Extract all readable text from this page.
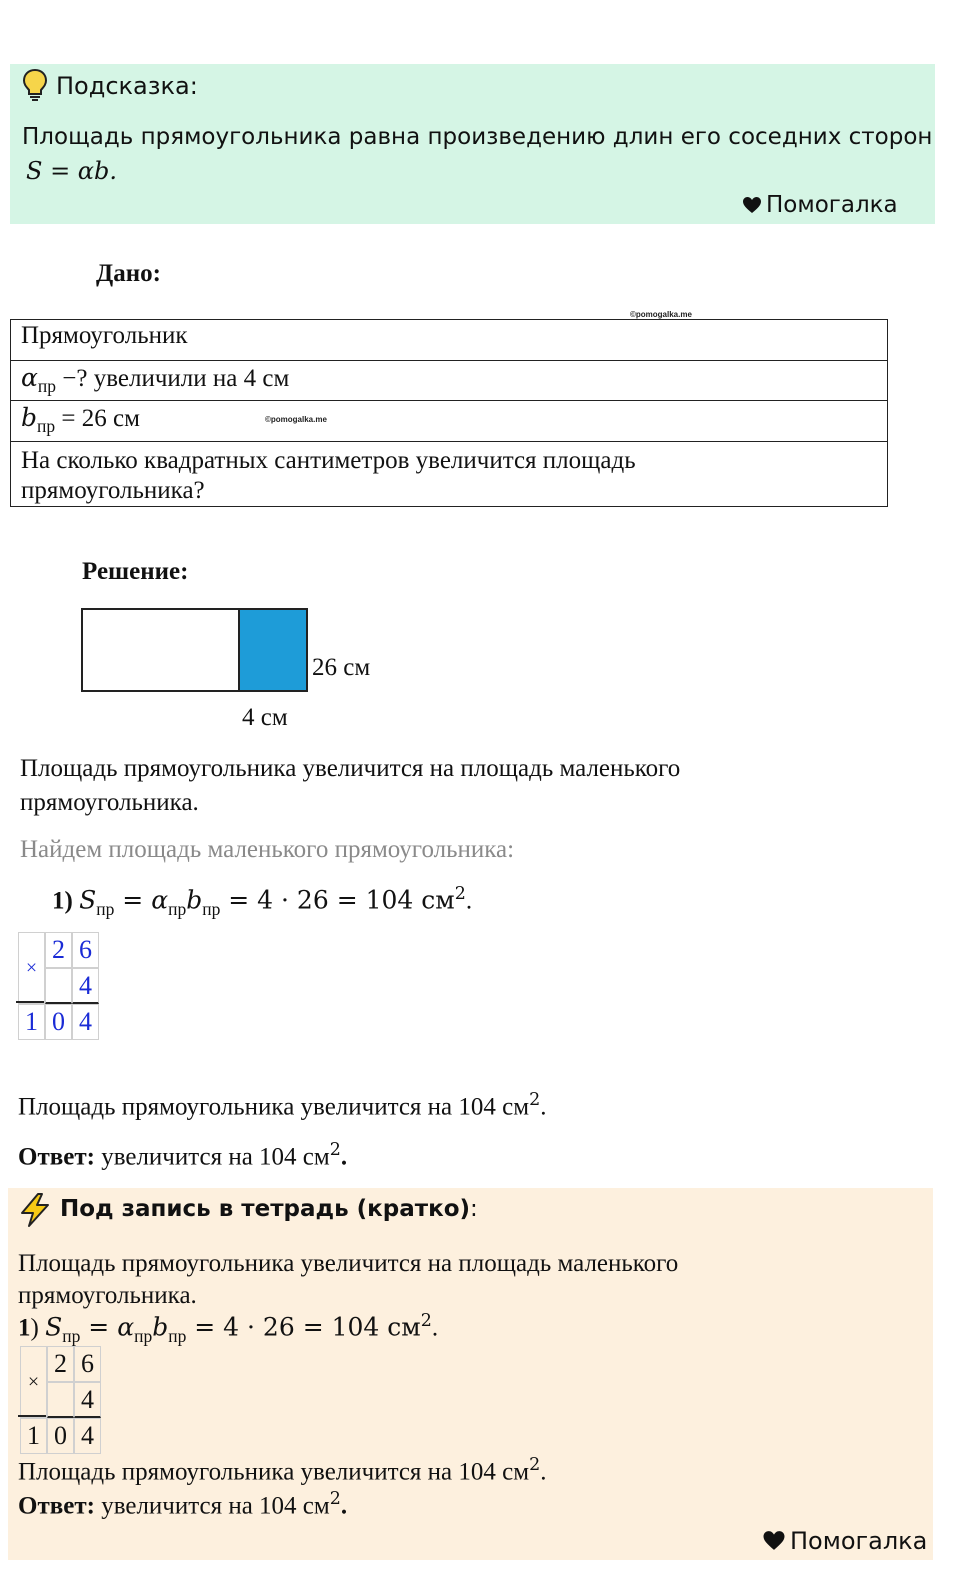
Подсказка:
Площадь прямоугольника равна произведению длин его соседних сторон
S = αb.
Помогалка
Дано:
©pomogalka.me
Прямоугольник
$\alpha_{пр}$ −? увеличили на 4 см
$b_{пр} = 26$ см	©pomogalka.me
На сколько квадратных сантиметров увеличится площадь прямоугольника?
Решение:
26 см
4 см
Площадь прямоугольника увеличится на площадь маленького прямоугольника.
Найдем площадь маленького прямоугольника:
1) $S_{пр} = \alpha_{пр}b_{пр} = 4 \cdot 26 = 104$ $см^2$.
×
2 6
4
1 0 4
Площадь прямоугольника увеличится на 104 $см^2$.
Ответ: увеличится на 104 $см^2$.
Под запись в тетрадь (кратко):
Площадь прямоугольника увеличится на площадь маленького прямоугольника.
1) $S_{пр} = \alpha_{пр}b_{пр} = 4 \cdot 26 = 104$ $см^2$.
×
2 6
4
1 0 4
Площадь прямоугольника увеличится на 104 $см^2$.
Ответ: увеличится на 104 $см^2$.
Помогалка
